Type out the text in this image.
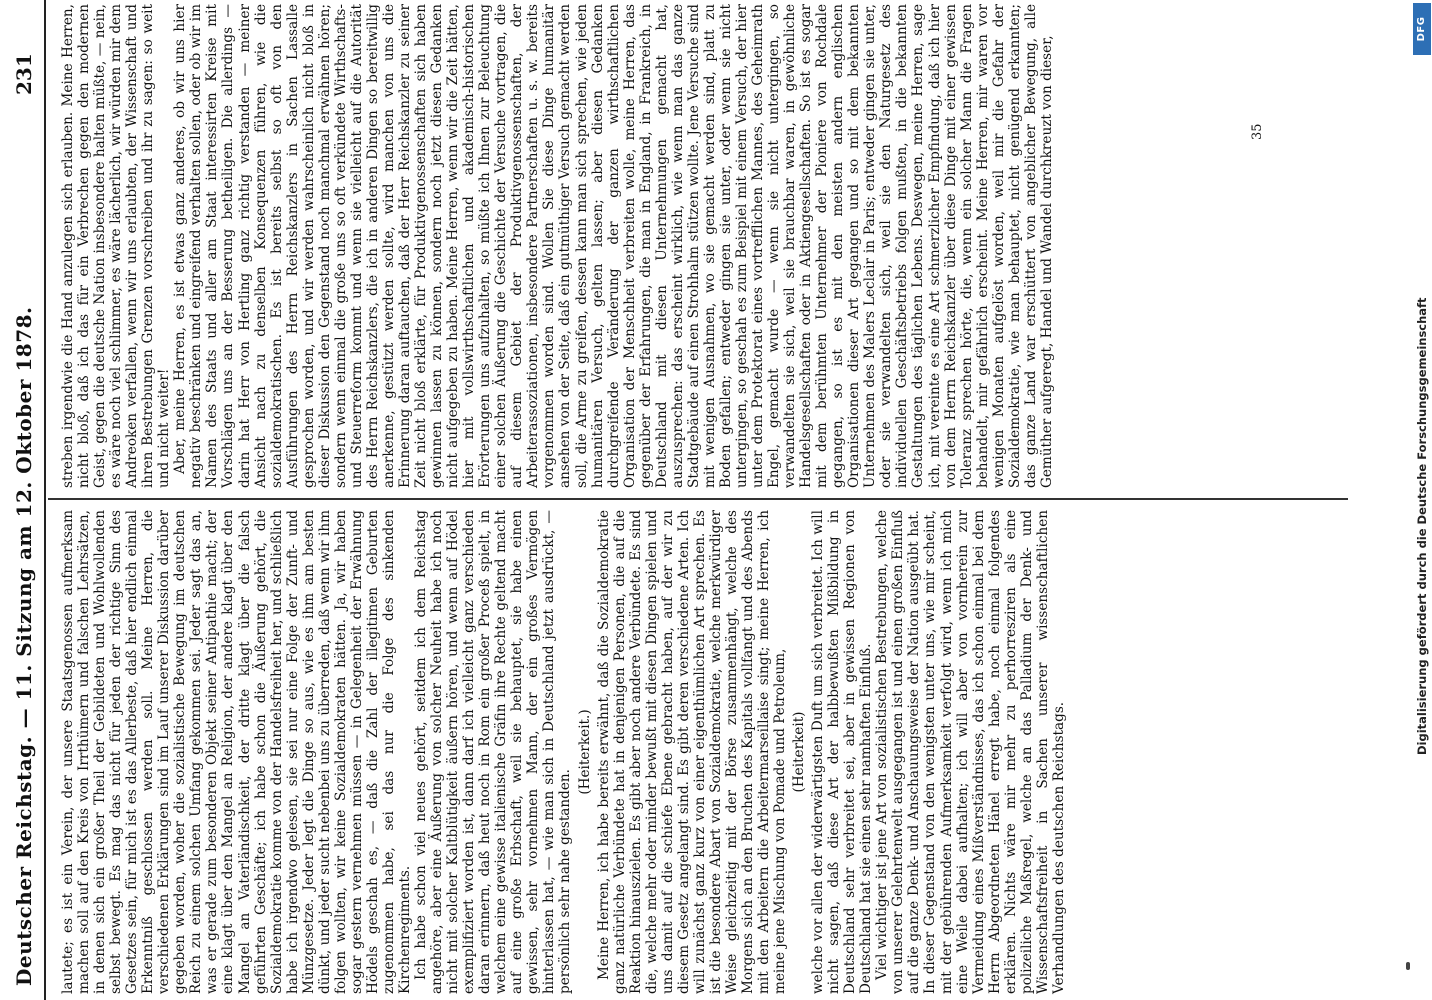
Deutscher Reichstag. — 11. Sitzung am 12. Oktober 1878.
231

lautete; es ist ein Verein, der unsere Staatsgenossen aufmerksam machen soll auf den Kreis von Irrthümern und falschen Lehrsätzen, in denen sich ein großer Theil der Gebildeten und Wohlwollenden selbst bewegt. Es mag das nicht für jeden der richtige Sinn des Gesetzes sein, für mich ist es das Allerbeste, daß hier endlich einmal Erkenntniß geschlossen werden soll. Meine Herren, die verschiedenen Erklärungen sind im Lauf unserer Diskussion darüber gegeben worden, woher die sozialistische Bewegung im deutschen Reich zu einem solchen Umfang gekommen sei. Jeder sagt das an, was er gerade zum besonderen Objekt seiner Antipathie macht; der eine klagt über den Mangel an Religion, der andere klagt über den Mangel an Vaterländischkeit, der dritte klagt über die falsch geführten Geschäfte; ich habe schon die Äußerung gehört, die Sozialdemokratie komme von der Handelsfreiheit her, und schließlich habe ich irgendwo gelesen, sie sei nur eine Folge der Zunft- und Münzgesetze. Jeder legt die Dinge so aus, wie es ihm am besten dünkt, und jeder sucht nebenbei uns zu überreden, daß wenn wir ihm folgen wollten, wir keine Sozialdemokraten hätten. Ja, wir haben sogar gestern vernehmen müssen — in Gelegenheit der Erwähnung Hödels geschah es, — daß die Zahl der illegitimen Geburten zugenommen habe, sei das nur die Folge des sinkenden Kirchenregiments. Ich habe schon viel neues gehört, seitdem ich dem Reichstag angehöre, aber eine Äußerung von solcher Neuheit habe ich noch nicht mit solcher Kaltblütigkeit äußern hören, und wenn auf Hödel exemplifiziert worden ist, dann darf ich vielleicht ganz verschieden daran erinnern, daß heut noch in Rom ein großer Proceß spielt, in welchem eine gewisse italienische Gräfin ihre Rechte geltend macht auf eine große Erbschaft, weil sie behauptet, sie habe einen gewissen, sehr vornehmen Mann, der ein großes Vermögen hinterlassen hat, — wie man sich in Deutschland jetzt ausdrückt, — persönlich sehr nahe gestanden.

(Heiterkeit.) Meine Herren, ich habe bereits erwähnt, daß die Sozialdemokratie ganz natürliche Verbündete hat in denjenigen Personen, die auf die Reaktion hinauszielen. Es gibt aber noch andere Verbündete. Es sind die, welche mehr oder minder bewußt mit diesen Dingen spielen und uns damit auf die schiefe Ebene gebracht haben, auf der wir zu diesem Gesetz angelangt sind. Es gibt deren verschiedene Arten. Ich will zunächst ganz kurz von einer eigenthümlichen Art sprechen. Es ist die besondere Abart von Sozialdemokratie, welche merkwürdiger Weise gleichzeitig mit der Börse zusammenhängt, welche des Morgens sich an den Bruchen des Kapitals vollfangt und des Abends mit den Arbeitern die Arbeitermarseillaise singt; meine Herren, ich meine jene Mischung von Pomade und Petroleum, (Heiterkeit) welche vor allen der widerwärtigsten Duft um sich verbreitet. Ich will nicht sagen, daß diese Art der halbbewußten Mißbildung in Deutschland sehr verbreitet sei, aber in gewissen Regionen von Deutschland hat sie einen sehr namhaften Einfluß. Viel wichtiger ist jene Art von sozialistischen Bestrebungen, welche von unserer Gelehrtenwelt ausgegangen ist und einen großen Einfluß auf die ganze Denk- und Anschauungsweise der Nation ausgeübt hat. In dieser Gegenstand von den wenigsten unter uns, wie mir scheint, mit der gebührenden Aufmerksamkeit verfolgt wird, wenn ich mich eine Weile dabei aufhalten; ich will aber von vornherein zur Vermeidung eines Mißverständnisses, das ich schon einmal bei dem Herrn Abgeordneten Hänel erregt habe, noch einmal folgendes erklären. Nichts wäre mir mehr zu perhorresziren als eine polizeiliche Maßregel, welche an das Palladium der Denk- und Wissenschaftsfreiheit in Sachen unserer wissenschaftlichen Verhandlungen des deutschen Reichstags.

streben irgendwie die Hand anzulegen sich erlauben. Meine Herren, nicht bloß, daß ich das für ein Verbrechen gegen den modernen Geist, gegen die deutsche Nation insbesondere halten müßte, — nein, es wäre noch viel schlimmer, es wäre lächerlich, wir würden mir dem Andreoken verfallen, wenn wir uns erlaubten, der Wissenschaft und ihren Bestrebungen Grenzen vorschreiben und ihr zu sagen: so weit und nicht weiter! Aber, meine Herren, es ist etwas ganz anderes, ob wir uns hier negativ beschränken und eingreifend verhalten sollen, oder ob wir im Namen des Staats und aller am Staat interessirten Kreise mit Vorschlägen uns an der Besserung betheiligen. Die allerdings — darin hat Herr von Hertling ganz richtig verstanden — meiner Ansicht nach zu denselben Konsequenzen führen, wie die sozialdemokratischen. Es ist bereits selbst so oft von den Ausführungen des Herrn Reichskanzlers in Sachen Lassalle gesprochen worden, und wir werden wahrscheinlich nicht bloß in dieser Diskussion den Gegenstand noch manchmal erwähnen hören; sondern wenn einmal die große uns so oft verkündete Wirthschafts- und Steuerreform kommt und wenn sie vielleicht auf die Autorität des Herrn Reichskanzlers, die ich in anderen Dingen so bereitwillig anerkenne, gestützt werden sollte, wird manchen von uns die Erinnerung daran auftauchen, daß der Herr Reichskanzler zu seiner Zeit nicht bloß erklärte, für Produktivgenossenschaften sich haben gewinnen lassen zu können, sondern noch jetzt diesen Gedanken nicht aufgegeben zu haben. Meine Herren, wenn wir die Zeit hätten, hier mit vollswirthschaftlichen und akademisch-historischen Erörterungen uns aufzuhalten, so müßte ich Ihnen zur Beleuchtung einer solchen Äußerung die Geschichte der Versuche vortragen, die auf diesem Gebiet der Produktivgenossenschaften, der Arbeiterassoziationen, insbesondere Partnerschaften u. s. w. bereits vorgenommen worden sind. Wollen Sie diese Dinge humanitär ansehen von der Seite, daß ein gutmüthiger Versuch gemacht werden soll, die Arme zu greifen, dessen kann man sich sprechen, wie jeden humanitären Versuch, gelten lassen; aber diesen Gedanken durchgreifende Veränderung der ganzen wirthschaftlichen Organisation der Menschheit verbreiten wolle, meine Herren, das gegenüber der Erfahrungen, die man in England, in Frankreich, in Deutschland mit diesen Unternehmungen gemacht hat, auszusprechen: das erscheint wirklich, wie wenn man das ganze Stadtgebäude auf einen Strohhalm stützen wollte. Jene Versuche sind mit wenigen Ausnahmen, wo sie gemacht werden sind, platt zu Boden gefallen; entweder gingen sie unter, oder wenn sie nicht untergingen, so geschah es zum Beispiel mit einem Versuch, der hier unter dem Protektorat eines vortrefflichen Mannes, des Geheimrath Engel, gemacht wurde — wenn sie nicht untergingen, so verwandelten sie sich, weil sie brauchbar waren, in gewöhnliche Handelsgesellschaften oder in Aktiengesellschaften. So ist es sogar mit dem berühmten Unternehmer der Pioniere von Rochdale gegangen, so ist es mit den meisten andern englischen Organisationen dieser Art gegangen und so mit dem bekannten Unternehmen des Malers Leclair in Paris; entweder gingen sie unter, oder sie verwandelten sich, weil sie den Naturgesetz des individuellen Geschäftsbetriebs folgen mußten, in die bekannten Gestaltungen des täglichen Lebens. Deswegen, meine Herren, sage ich, mit vereinte es eine Art schmerzlicher Empfindung, daß ich hier von dem Herrn Reichskanzler über diese Dinge mit einer gewissen Toleranz sprechen hörte, die, wenn ein solcher Mann die Fragen behandelt, mir gefährlich erscheint. Meine Herren, mir waren vor wenigen Monaten aufgelöst worden, weil mir die Gefahr der Sozialdemokratie, wie man behauptet, nicht genügend erkannten; das ganze Land war erschüttert von angeblicher Bewegung, alle Gemüther aufgeregt, Handel und Wandel durchkreuzt von dieser,	35
Digitalisierung gefördert durch die Deutsche Forschungsgemeinschaft
DFG
